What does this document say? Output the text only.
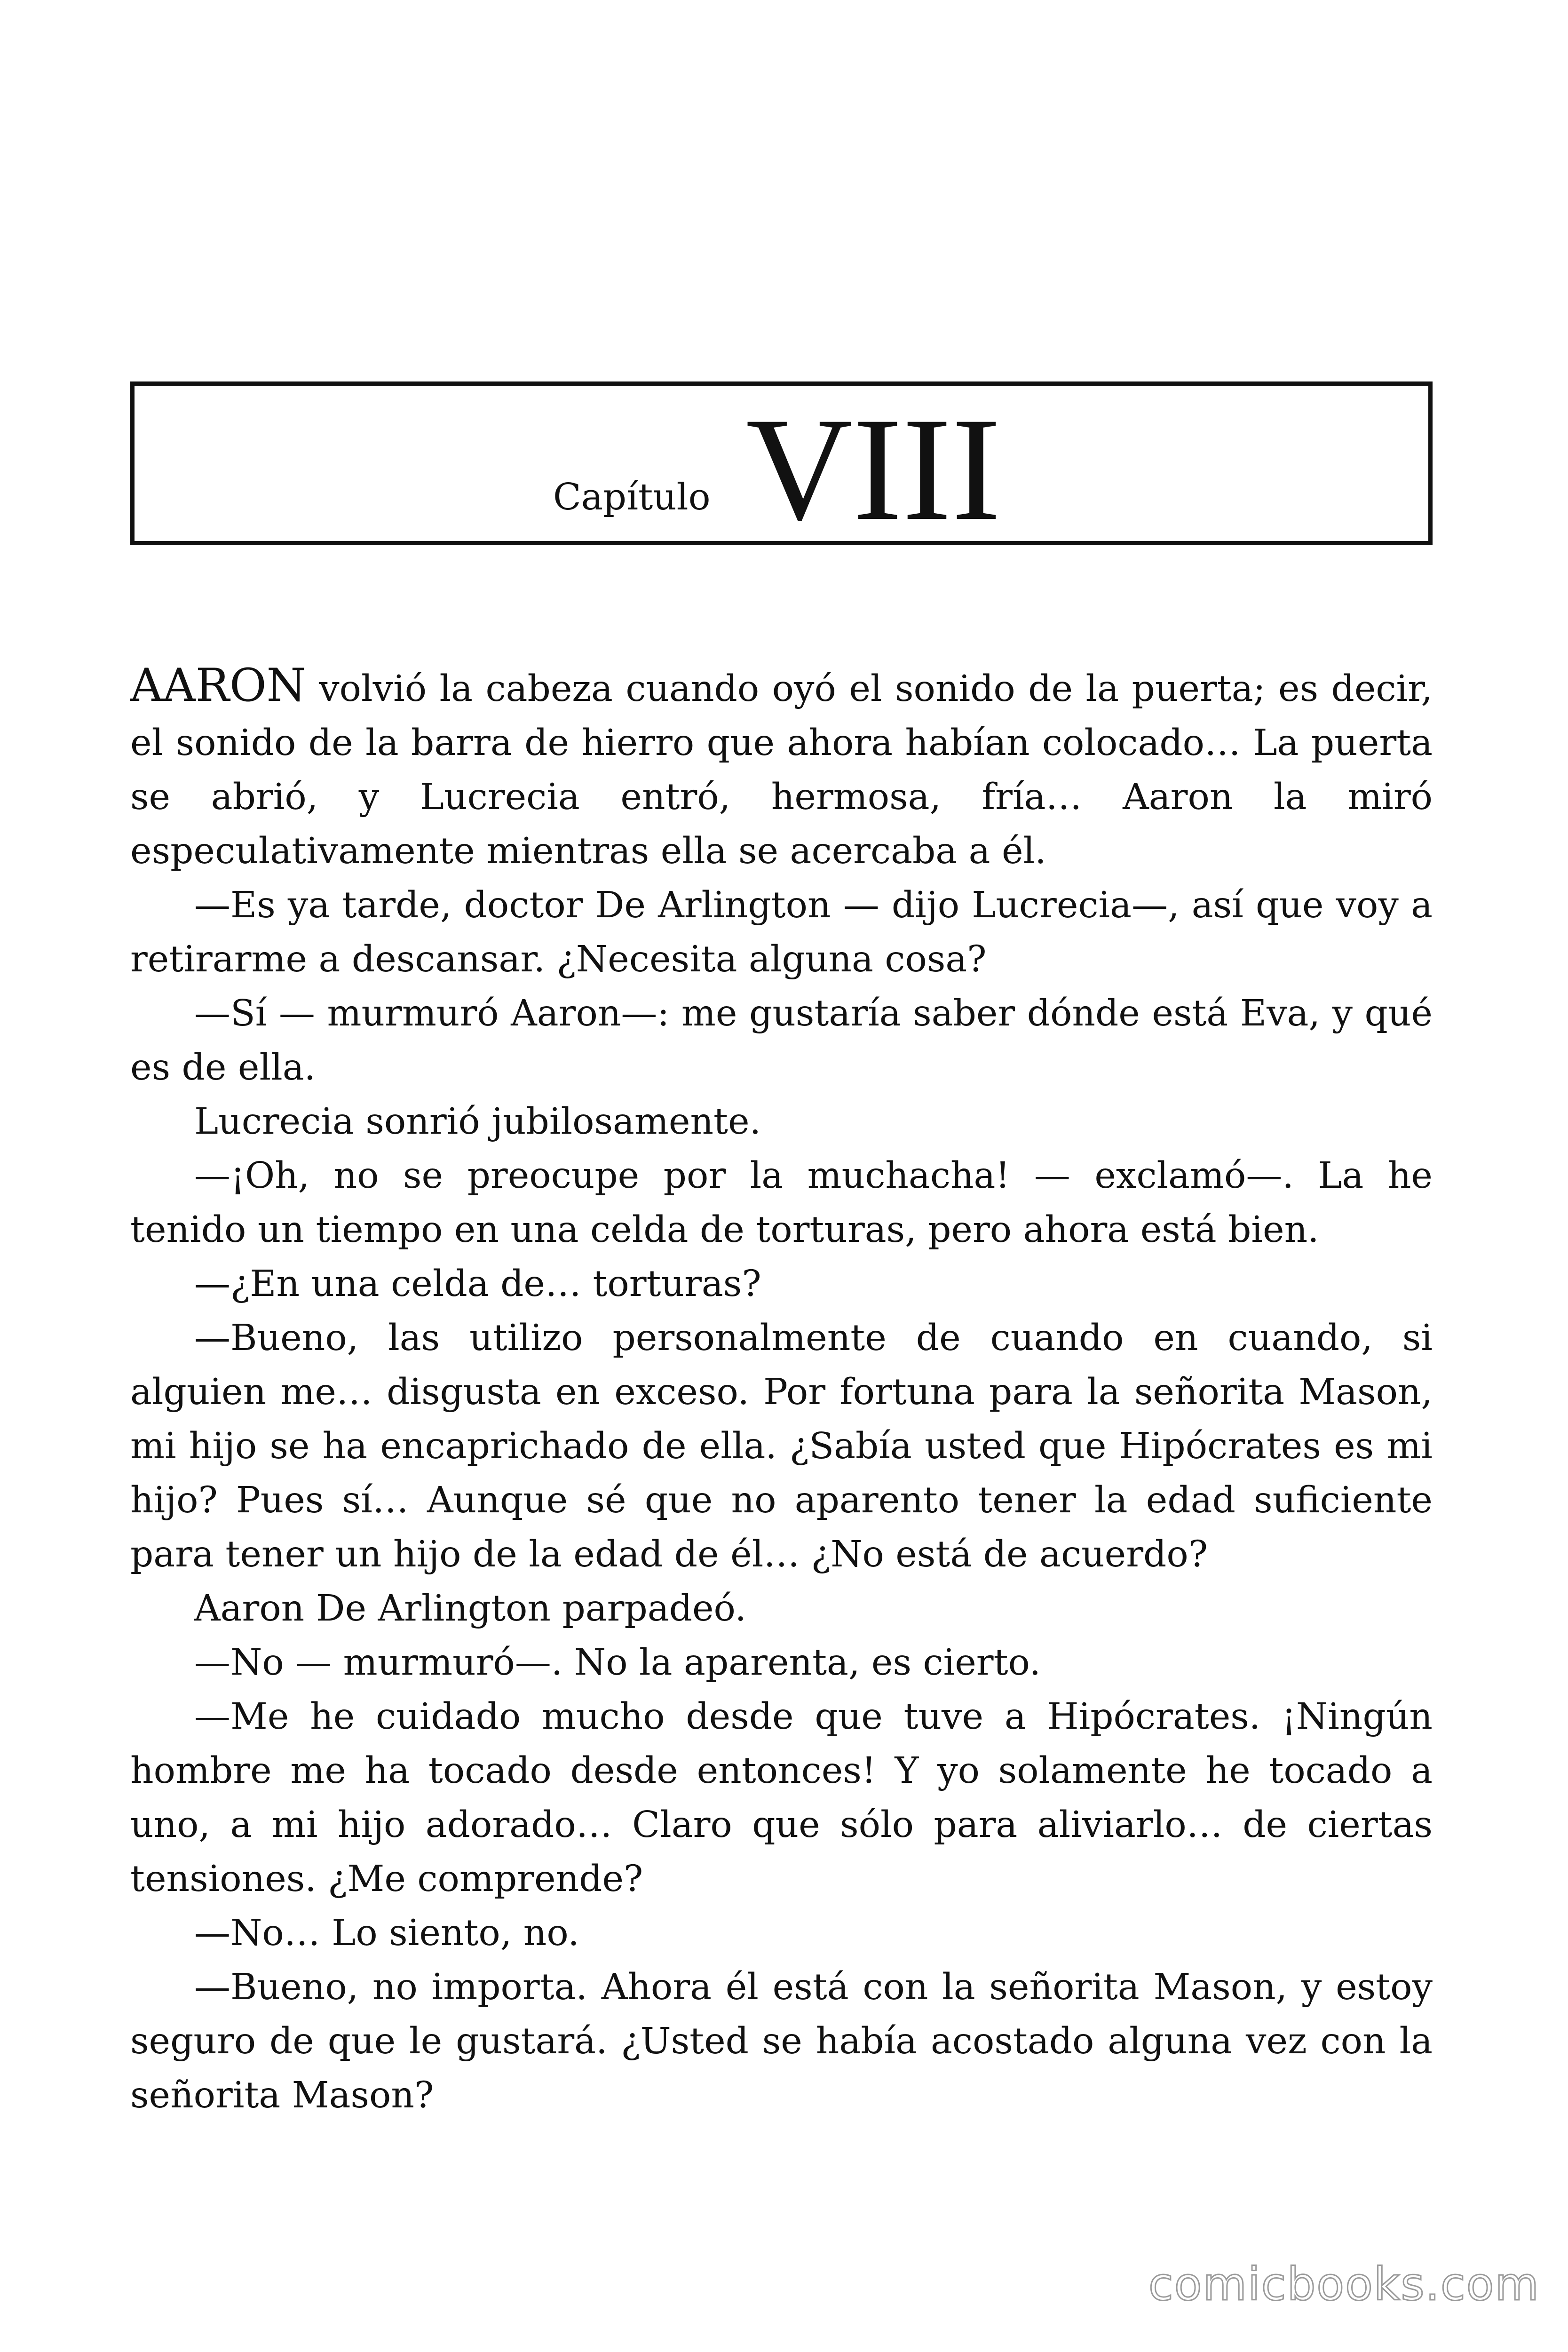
Capítulo VIII

AARON volvió la cabeza cuando oyó el sonido de la puerta; es decir, el sonido de la barra de hierro que ahora habían colocado… La puerta se abrió, y Lucrecia entró, hermosa, fría… Aaron la miró especulativamente mientras ella se acercaba a él.

—Es ya tarde, doctor De Arlington — dijo Lucrecia—, así que voy a retirarme a descansar. ¿Necesita alguna cosa?

—Sí — murmuró Aaron—: me gustaría saber dónde está Eva, y qué es de ella.

Lucrecia sonrió jubilosamente.

—¡Oh, no se preocupe por la muchacha! — exclamó—. La he tenido un tiempo en una celda de torturas, pero ahora está bien.

—¿En una celda de… torturas?

—Bueno, las utilizo personalmente de cuando en cuando, si alguien me… disgusta en exceso. Por fortuna para la señorita Mason, mi hijo se ha encaprichado de ella. ¿Sabía usted que Hipócrates es mi hijo? Pues sí… Aunque sé que no aparento tener la edad suficiente para tener un hijo de la edad de él… ¿No está de acuerdo?

Aaron De Arlington parpadeó.

—No — murmuró—. No la aparenta, es cierto.

—Me he cuidado mucho desde que tuve a Hipócrates. ¡Ningún hombre me ha tocado desde entonces! Y yo solamente he tocado a uno, a mi hijo adorado… Claro que sólo para aliviarlo… de ciertas tensiones. ¿Me comprende?

—No… Lo siento, no.

—Bueno, no importa. Ahora él está con la señorita Mason, y estoy seguro de que le gustará. ¿Usted se había acostado alguna vez con la señorita Mason?

comicbooks.com
